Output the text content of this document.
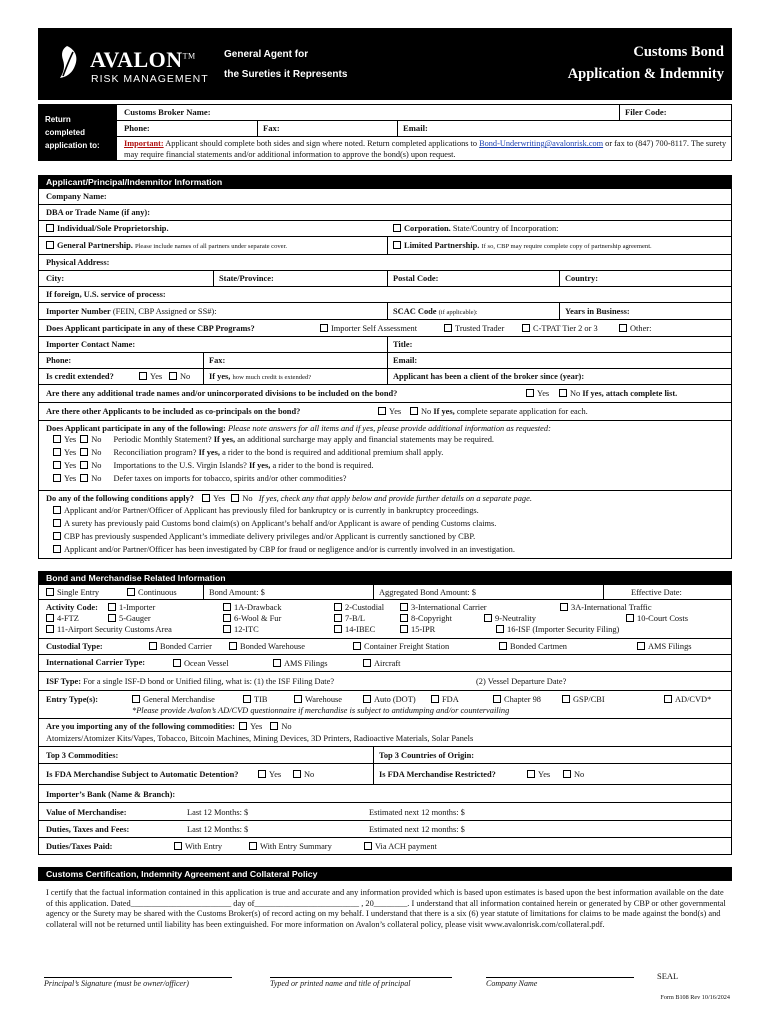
AVALON™
RISK MANAGEMENT
General Agent for
the Sureties it Represents
Customs Bond
Application & Indemnity
Return
completed
application to:
Customs Broker Name:	Filer Code:
Phone:	Fax:	Email:
Important: Applicant should complete both sides and sign where noted. Return completed applications to Bond-Underwriting@avalonrisk.com or fax to (847) 700-8117. The surety may require financial statements and/or additional information to approve the bond(s) upon request.
Applicant/Principal/Indemnitor Information
Company Name:
DBA or Trade Name (if any):
Individual/Sole Proprietorship.	Corporation. State/Country of Incorporation:
General Partnership. Please include names of all partners under separate cover.	Limited Partnership. If so, CBP may require complete copy of partnership agreement.
Physical Address:
City:	State/Province:	Postal Code:	Country:
If foreign, U.S. service of process:
Importer Number (FEIN, CBP Assigned or SS#):	SCAC Code (if applicable):	Years in Business:
Does Applicant participate in any of these CBP Programs?	Importer Self Assessment	Trusted Trader	C-TPAT Tier 2 or 3	Other:
Importer Contact Name:	Title:
Phone:	Fax:	Email:
Is credit extended?	Yes	No If yes, how much credit is extended?	Applicant has been a client of the broker since (year):
Are there any additional trade names and/or unincorporated divisions to be included on the bond?	Yes	No If yes, attach complete list.
Are there other Applicants to be included as co-principals on the bond?	Yes	No If yes, complete separate application for each.
Does Applicant participate in any of the following: Please note answers for all items and if yes, please provide additional information as requested:
Yes No Periodic Monthly Statement? If yes, an additional surcharge may apply and financial statements may be required.
Yes No Reconciliation program? If yes, a rider to the bond is required and additional premium shall apply.
Yes No Importations to the U.S. Virgin Islands? If yes, a rider to the bond is required.
Yes No Defer taxes on imports for tobacco, spirits and/or other commodities?
Do any of the following conditions apply? Yes No If yes, check any that apply below and provide further details on a separate page.
Applicant and/or Partner/Officer of Applicant has previously filed for bankruptcy or is currently in bankruptcy proceedings.
A surety has previously paid Customs bond claim(s) on Applicant’s behalf and/or Applicant is aware of pending Customs claims.
CBP has previously suspended Applicant’s immediate delivery privileges and/or Applicant is currently sanctioned by CBP.
Applicant and/or Partner/Officer has been investigated by CBP for fraud or negligence and/or is currently involved in an investigation.
Bond and Merchandise Related Information
Single Entry	Continuous	Bond Amount: $	Aggregated Bond Amount: $	Effective Date:
Activity Code:	1-Importer	1A-Drawback	2-Custodial	3-International Carrier	3A-International Traffic
4-FTZ	5-Gauger	6-Wool & Fur	7-B/L	8-Copyright	9-Neutrality	10-Court Costs
11-Airport Security Customs Area	12-ITC	14-IBEC	15-IPR	16-ISF (Importer Security Filing)
Custodial Type:	Bonded Carrier	Bonded Warehouse	Container Freight Station	Bonded Cartmen	AMS Filings
International Carrier Type:	Ocean Vessel	AMS Filings	Aircraft
ISF Type: For a single ISF-D bond or Unified filing, what is: (1) the ISF Filing Date?	(2) Vessel Departure Date?
Entry Type(s):	General Merchandise	TIB	Warehouse	Auto (DOT)	FDA	Chapter 98	GSP/CBI	AD/CVD*
*Please provide Avalon’s AD/CVD questionnaire if merchandise is subject to antidumping and/or countervailing
Are you importing any of the following commodities: Yes No
Atomizers/Atomizer Kits/Vapes, Tobacco, Bitcoin Machines, Mining Devices, 3D Printers, Radioactive Materials, Solar Panels
Top 3 Commodities:	Top 3 Countries of Origin:
Is FDA Merchandise Subject to Automatic Detention?	Yes	No	Is FDA Merchandise Restricted?	Yes	No
Importer’s Bank (Name & Branch):
Value of Merchandise:	Last 12 Months: $	Estimated next 12 months: $
Duties, Taxes and Fees:	Last 12 Months: $	Estimated next 12 months: $
Duties/Taxes Paid:	With Entry	With Entry Summary	Via ACH payment
Customs Certification, Indemnity Agreement and Collateral Policy
I certify that the factual information contained in this application is true and accurate and any information provided which is based upon estimates is based upon the best information available on the date of this application. Dated________________________ day of_________________________ , 20________. I understand that all information contained herein or generated by CBP or other governmental agency or the Surety may be shared with the Customs Broker(s) of record acting on my behalf. I understand that there is a six (6) year statute of limitations for claims to be made against the bond(s) and collateral will not be returned until liability has been extinguished. For more information on Avalon’s collateral policy, please visit www.avalonrisk.com/collateral.pdf.
Principal’s Signature (must be owner/officer)	Typed or printed name and title of principal	Company Name
SEAL
Form B108 Rev 10/16/2024
